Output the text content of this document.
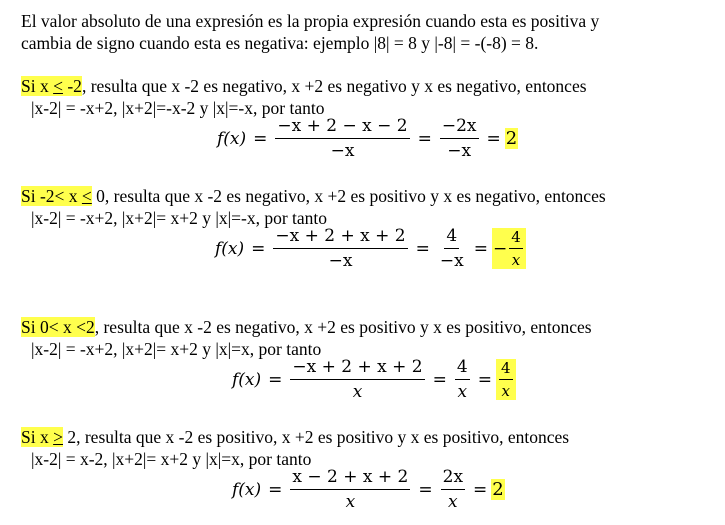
El valor absoluto de una expresión es la propia expresión cuando esta es positiva y
cambia de signo cuando esta es negativa: ejemplo |8| = 8 y |-8| = -(-8) = 8.
Si x < -2, resulta que x -2 es negativo, x +2 es negativo y x es negativo, entonces
|x-2| = -x+2, |x+2|=-x-2 y |x|=-x, por tanto
$f(x) = \frac{-x + 2 - x - 2}{-x} = \frac{-2x}{-x} = 2$
Si -2< x < 0, resulta que x -2 es negativo, x +2 es positivo y x es negativo, entonces
|x-2| = -x+2, |x+2|= x+2 y |x|=-x, por tanto
$f(x) = \frac{-x + 2 + x + 2}{-x} = \frac{4}{-x}$ = − $\frac{4}{x}$
Si 0< x <2, resulta que x -2 es negativo, x +2 es positivo y x es positivo, entonces
|x-2| = -x+2, |x+2|= x+2 y |x|=x, por tanto
$f(x) = \frac{-x + 2 + x + 2}{x} = \frac{4}{x} = \frac{4}{x}$
Si x > 2, resulta que x -2 es positivo, x +2 es positivo y x es positivo, entonces
|x-2| = x-2, |x+2|= x+2 y |x|=x, por tanto
$f(x) = \frac{x - 2 + x + 2}{x} = \frac{2x}{x} = 2$
